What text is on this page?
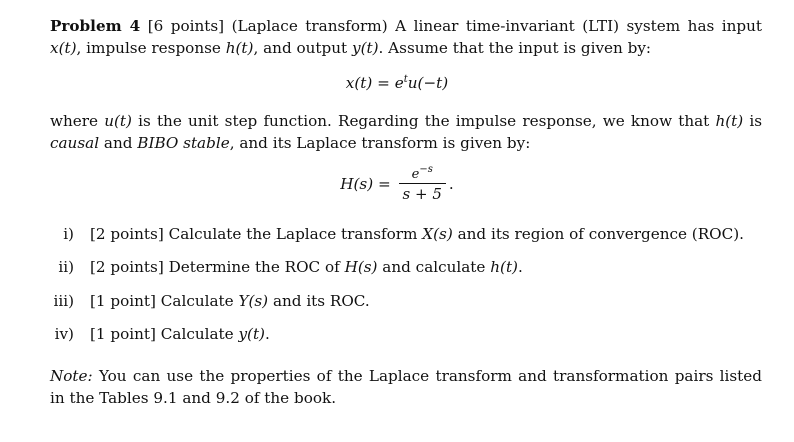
Problem 4 [6 points] (Laplace transform) A linear time-invariant (LTI) system has input x(t), impulse response h(t), and output y(t). Assume that the input is given by:

$x(t) = e^tu(-t)$

where u(t) is the unit step function. Regarding the impulse response, we know that h(t) is causal and BIBO stable, and its Laplace transform is given by:

$H(s) = \frac{e^{-s}}{s + 5}$ .

i) [2 points] Calculate the Laplace transform X(s) and its region of convergence (ROC).
ii) [2 points] Determine the ROC of H(s) and calculate h(t).
iii) [1 point] Calculate Y(s) and its ROC.
iv) [1 point] Calculate y(t).

Note: You can use the properties of the Laplace transform and transformation pairs listed in the Tables 9.1 and 9.2 of the book.
